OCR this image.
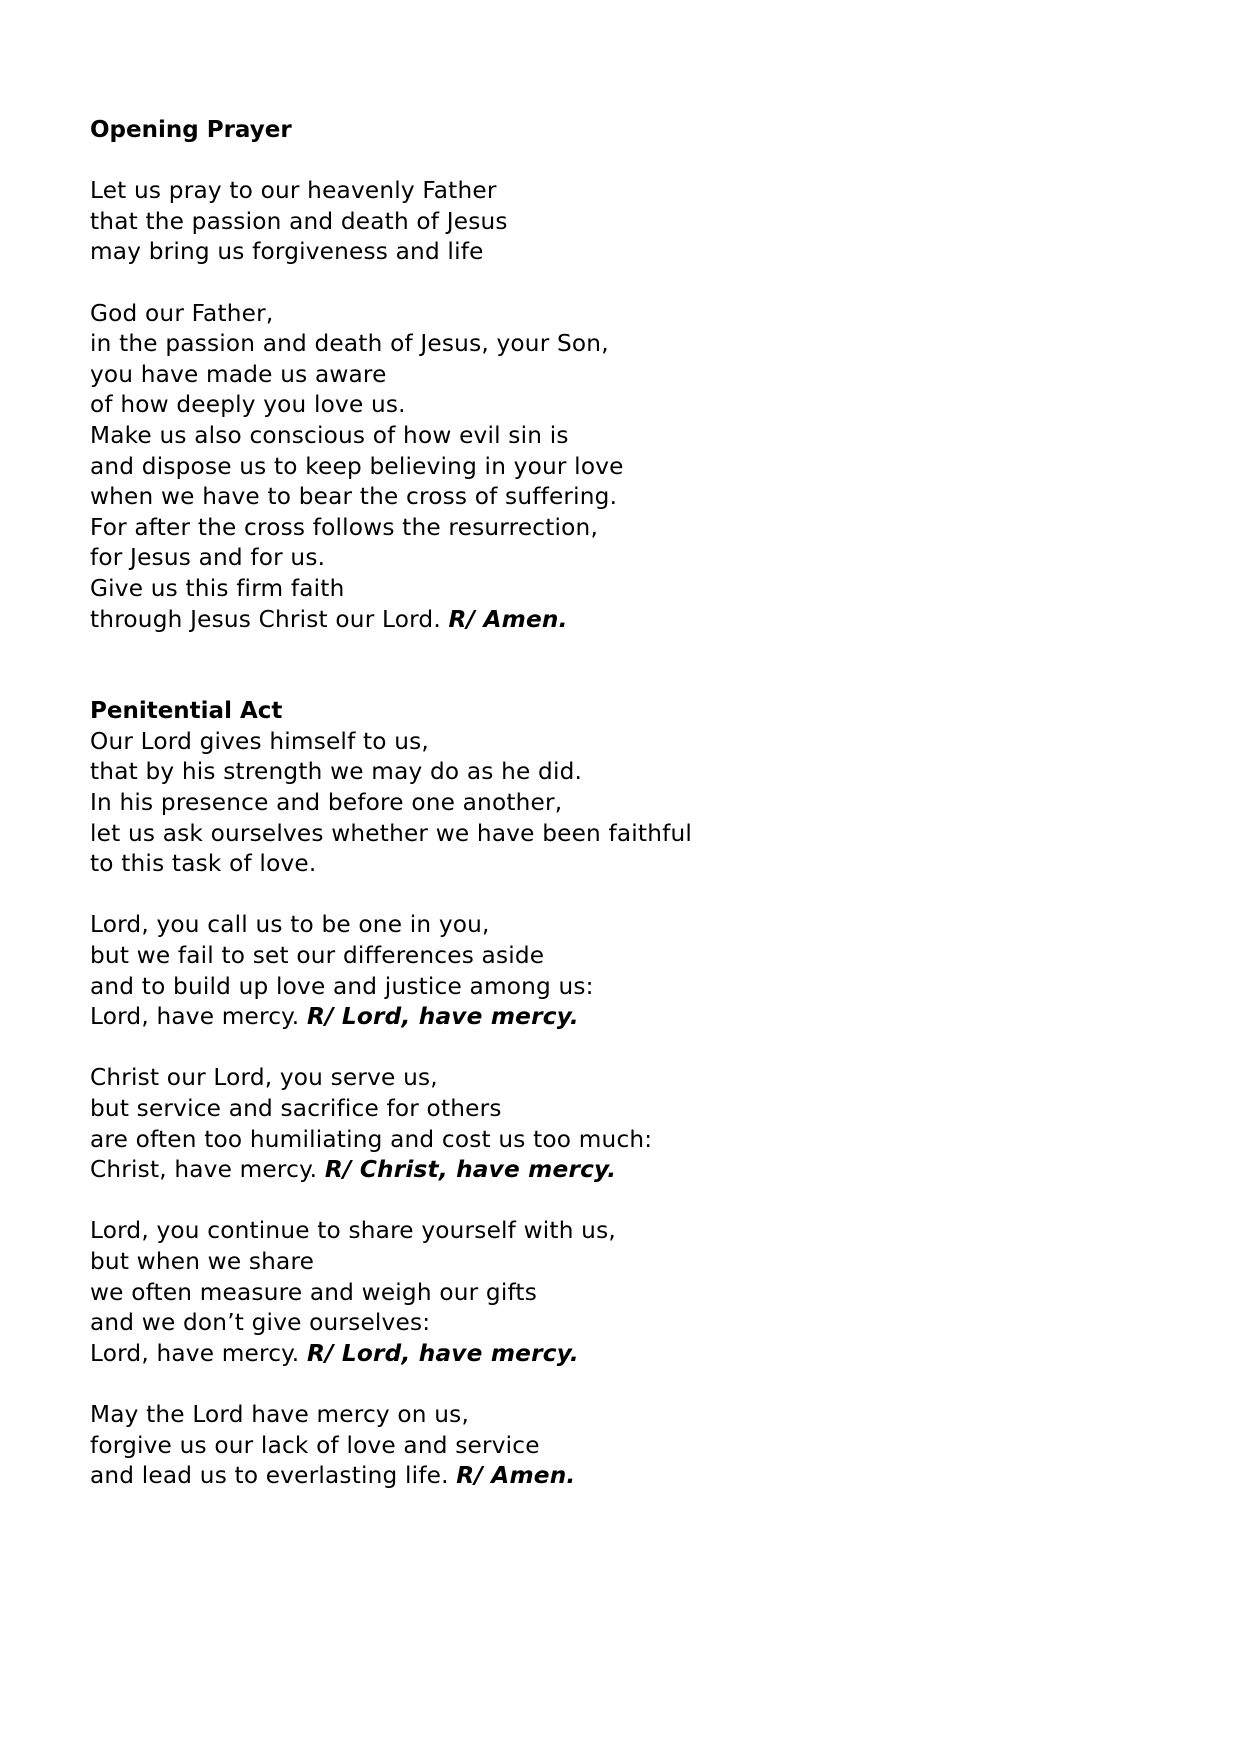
Opening Prayer
Let us pray to our heavenly Father
that the passion and death of Jesus
may bring us forgiveness and life
God our Father,
in the passion and death of Jesus, your Son,
you have made us aware
of how deeply you love us.
Make us also conscious of how evil sin is
and dispose us to keep believing in your love
when we have to bear the cross of suffering.
For after the cross follows the resurrection,
for Jesus and for us.
Give us this firm faith
through Jesus Christ our Lord. R/ Amen.
Penitential Act
Our Lord gives himself to us,
that by his strength we may do as he did.
In his presence and before one another,
let us ask ourselves whether we have been faithful
to this task of love.
Lord, you call us to be one in you,
but we fail to set our differences aside
and to build up love and justice among us:
Lord, have mercy. R/ Lord, have mercy.
Christ our Lord, you serve us,
but service and sacrifice for others
are often too humiliating and cost us too much:
Christ, have mercy. R/ Christ, have mercy.
Lord, you continue to share yourself with us,
but when we share
we often measure and weigh our gifts
and we don’t give ourselves:
Lord, have mercy. R/ Lord, have mercy.
May the Lord have mercy on us,
forgive us our lack of love and service
and lead us to everlasting life. R/ Amen.
